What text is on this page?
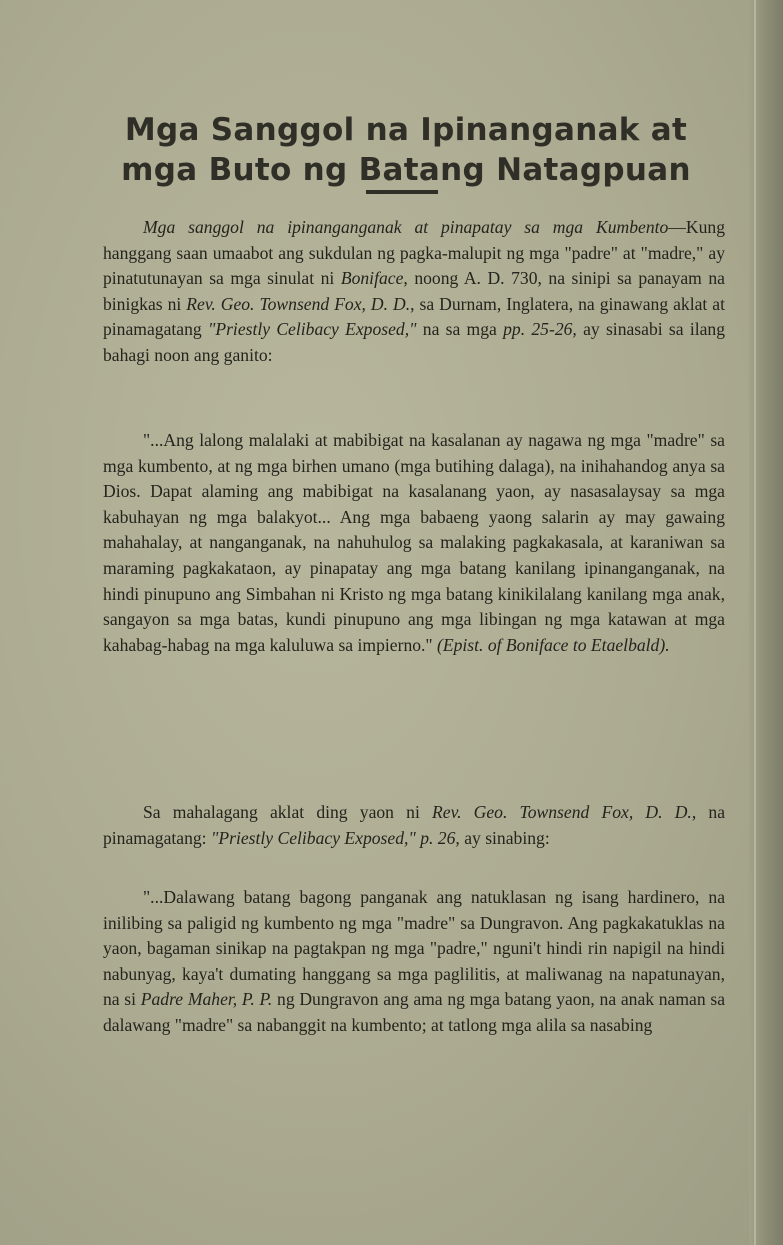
Mga Sanggol na Ipinanganak at
mga Buto ng Batang Natagpuan
Mga sanggol na ipinanganganak at pinapatay sa mga Kumbento—Kung hanggang saan umaabot ang sukdulan ng pagka-malupit ng mga "padre" at "madre," ay pinatutunayan sa mga sinulat ni Boniface, noong A. D. 730, na sinipi sa panayam na binigkas ni Rev. Geo. Townsend Fox, D. D., sa Durnam, Inglatera, na ginawang aklat at pinamagatang "Priestly Celibacy Exposed," na sa mga pp. 25-26, ay sinasabi sa ilang bahagi noon ang ganito:
"...Ang lalong malalaki at mabibigat na kasalanan ay nagawa ng mga "madre" sa mga kumbento, at ng mga birhen umano (mga butihing dalaga), na inihahandog anya sa Dios. Dapat alaming ang mabibigat na kasalanang yaon, ay nasasalaysay sa mga kabuhayan ng mga balakyot... Ang mga babaeng yaong salarin ay may gawaing mahahalay, at nanganganak, na nahuhulog sa malaking pagkakasala, at karaniwan sa maraming pagkakataon, ay pinapatay ang mga batang kanilang ipinanganganak, na hindi pinupuno ang Simbahan ni Kristo ng mga batang kinikilalang kanilang mga anak, sangayon sa mga batas, kundi pinupuno ang mga libingan ng mga katawan at mga kahabag-habag na mga kaluluwa sa impierno." (Epist. of Boniface to Etaelbald).
Sa mahalagang aklat ding yaon ni Rev. Geo. Townsend Fox, D. D., na pinamagatang: "Priestly Celibacy Exposed," p. 26, ay sinabing:
"...Dalawang batang bagong panganak ang natuklasan ng isang hardinero, na inilibing sa paligid ng kumbento ng mga "madre" sa Dungravon. Ang pagkakatuklas na yaon, bagaman sinikap na pagtakpan ng mga "padre," nguni't hindi rin napigil na hindi nabunyag, kaya't dumating hanggang sa mga paglilitis, at maliwanag na napatunayan, na si Padre Maher, P. P. ng Dungravon ang ama ng mga batang yaon, na anak naman sa dalawang "madre" sa nabanggit na kumbento; at tatlong mga alila sa nasabing
